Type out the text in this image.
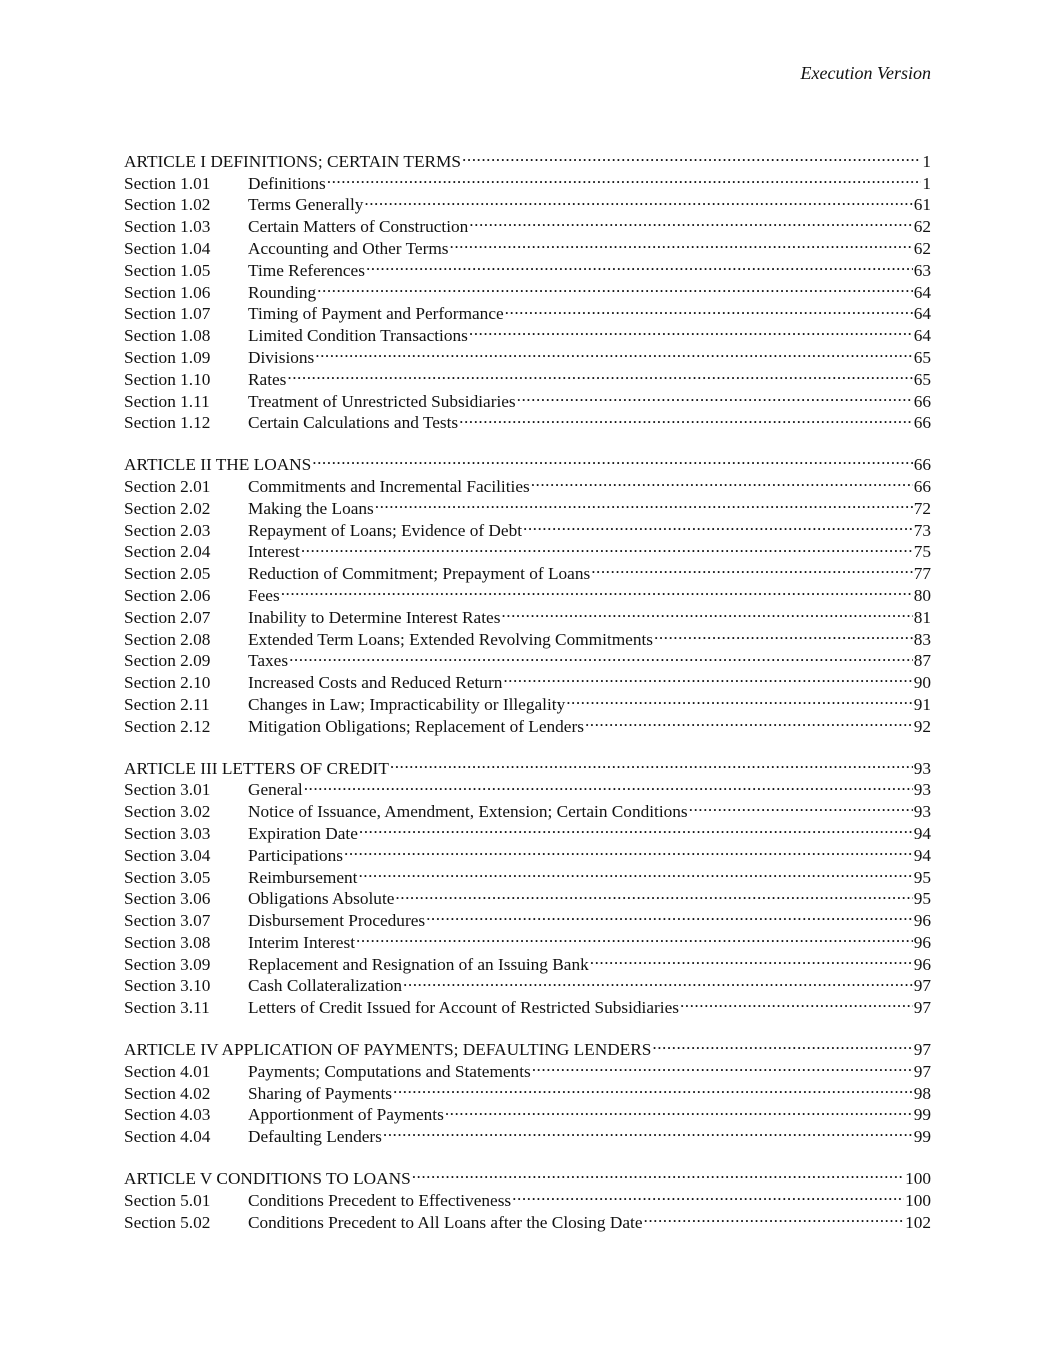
Execution Version
ARTICLE I DEFINITIONS; CERTAIN TERMS .....	1
Section 1.01	Definitions .....	1
Section 1.02	Terms Generally .....	61
Section 1.03	Certain Matters of Construction .....	62
Section 1.04	Accounting and Other Terms .....	62
Section 1.05	Time References .....	63
Section 1.06	Rounding .....	64
Section 1.07	Timing of Payment and Performance .....	64
Section 1.08	Limited Condition Transactions .....	64
Section 1.09	Divisions .....	65
Section 1.10	Rates .....	65
Section 1.11	Treatment of Unrestricted Subsidiaries .....	66
Section 1.12	Certain Calculations and Tests .....	66
ARTICLE II THE LOANS .....	66
Section 2.01	Commitments and Incremental Facilities .....	66
Section 2.02	Making the Loans .....	72
Section 2.03	Repayment of Loans; Evidence of Debt .....	73
Section 2.04	Interest .....	75
Section 2.05	Reduction of Commitment; Prepayment of Loans .....	77
Section 2.06	Fees .....	80
Section 2.07	Inability to Determine Interest Rates .....	81
Section 2.08	Extended Term Loans; Extended Revolving Commitments .....	83
Section 2.09	Taxes .....	87
Section 2.10	Increased Costs and Reduced Return .....	90
Section 2.11	Changes in Law; Impracticability or Illegality .....	91
Section 2.12	Mitigation Obligations; Replacement of Lenders .....	92
ARTICLE III LETTERS OF CREDIT .....	93
Section 3.01	General .....	93
Section 3.02	Notice of Issuance, Amendment, Extension; Certain Conditions .....	93
Section 3.03	Expiration Date .....	94
Section 3.04	Participations .....	94
Section 3.05	Reimbursement .....	95
Section 3.06	Obligations Absolute .....	95
Section 3.07	Disbursement Procedures .....	96
Section 3.08	Interim Interest .....	96
Section 3.09	Replacement and Resignation of an Issuing Bank .....	96
Section 3.10	Cash Collateralization .....	97
Section 3.11	Letters of Credit Issued for Account of Restricted Subsidiaries .....	97
ARTICLE IV APPLICATION OF PAYMENTS; DEFAULTING LENDERS .....	97
Section 4.01	Payments; Computations and Statements .....	97
Section 4.02	Sharing of Payments .....	98
Section 4.03	Apportionment of Payments .....	99
Section 4.04	Defaulting Lenders .....	99
ARTICLE V CONDITIONS TO LOANS .....	100
Section 5.01	Conditions Precedent to Effectiveness .....	100
Section 5.02	Conditions Precedent to All Loans after the Closing Date .....	102
